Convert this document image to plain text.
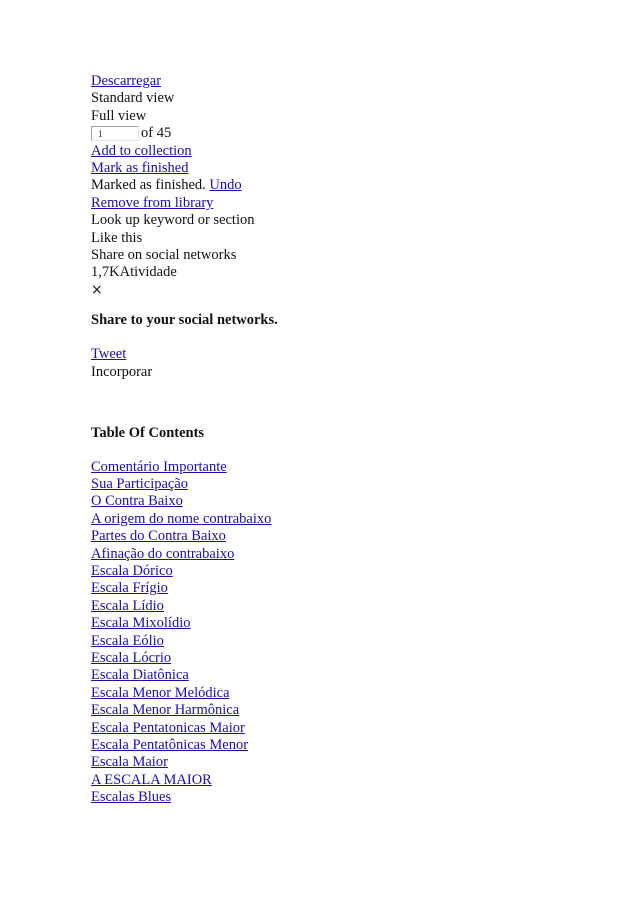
Descarregar
Standard view
Full view
1
of 45
Add to collection
Mark as finished
Marked as finished. Undo
Remove from library
Look up keyword or section
Like this
Share on social networks
1,7KAtividade
×
Share to your social networks.
Tweet
Incorporar
Table Of Contents
Comentário Importante
Sua Participação
O Contra Baixo
A origem do nome contrabaixo
Partes do Contra Baixo
Afinação do contrabaixo
Escala Dórico
Escala Frígio
Escala Lídio
Escala Mixolídio
Escala Eólio
Escala Lócrio
Escala Diatônica
Escala Menor Melódica
Escala Menor Harmônica
Escala Pentatonicas Maior
Escala Pentatônicas Menor
Escala Maior
A ESCALA MAIOR
Escalas Blues
